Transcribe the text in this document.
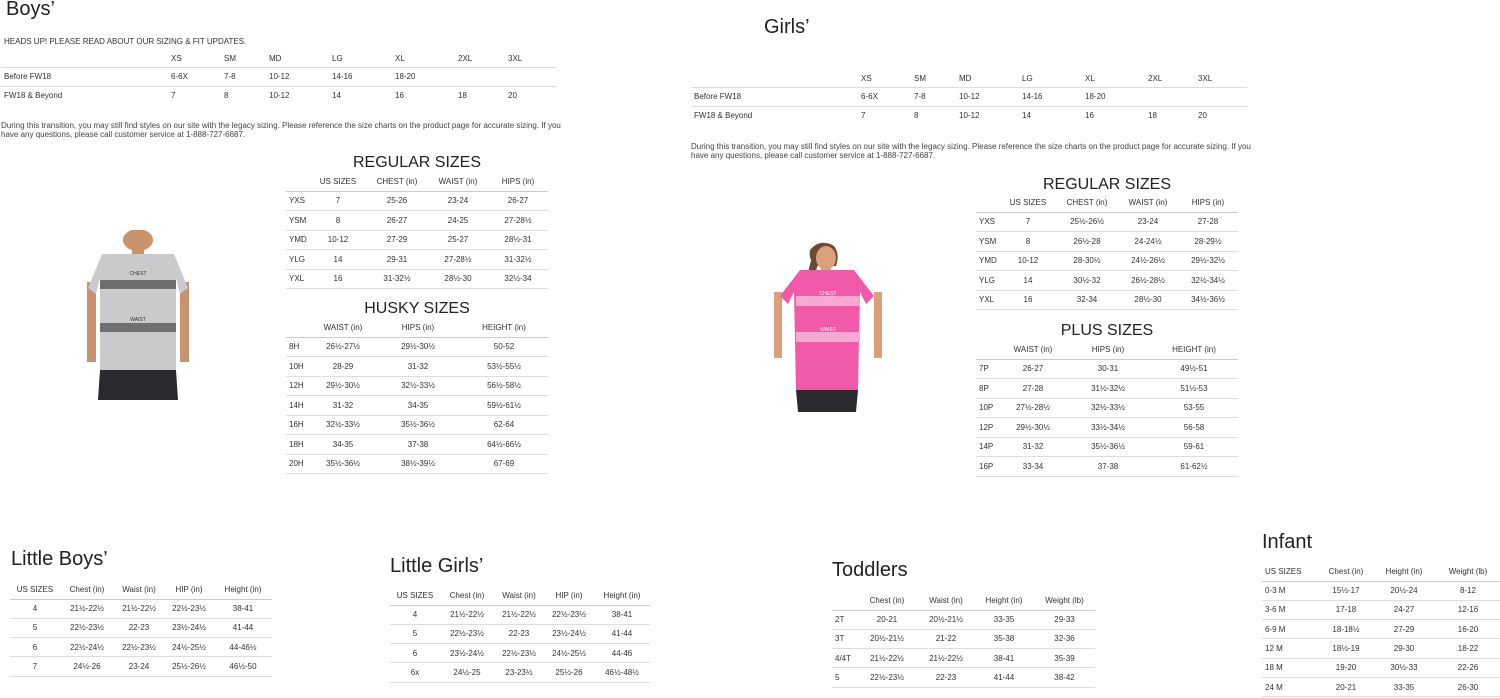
Boys’
HEADS UP! PLEASE READ ABOUT OUR SIZING & FIT UPDATES.
	XS	SM	MD	LG	XL	2XL	3XL
Before FW18	6-6X	7-8	10-12	14-16	18-20		
FW18 & Beyond	7	8	10-12	14	16	18	20
During this transition, you may still find styles on our site with the legacy sizing. Please reference the size charts on the product page for accurate sizing. If you have any questions, please call customer service at 1-888-727-6687.
CHEST
WAIST
REGULAR SIZES
	US SIZES	CHEST (in)	WAIST (in)	HIPS (in)
YXS	7	25-26	23-24	26-27
YSM	8	26-27	24-25	27-28½
YMD	10-12	27-29	25-27	28½-31
YLG	14	29-31	27-28½	31-32½
YXL	16	31-32½	28½-30	32½-34
HUSKY SIZES
	WAIST (in)	HIPS (in)	HEIGHT (in)
8H	26½-27½	29½-30½	50-52
10H	28-29	31-32	53½-55½
12H	29½-30½	32½-33½	56½-58½
14H	31-32	34-35	59½-61½
16H	32½-33½	35½-36½	62-64
18H	34-35	37-38	64½-66½
20H	35½-36½	38½-39½	67-69
Girls’
	XS	SM	MD	LG	XL	2XL	3XL
Before FW18	6-6X	7-8	10-12	14-16	18-20		
FW18 & Beyond	7	8	10-12	14	16	18	20
During this transition, you may still find styles on our site with the legacy sizing. Please reference the size charts on the product page for accurate sizing. If you have any questions, please call customer service at 1-888-727-6687.
CHEST
WAIST
REGULAR SIZES
	US SIZES	CHEST (in)	WAIST (in)	HIPS (in)
YXS	7	25½-26½	23-24	27-28
YSM	8	26½-28	24-24½	28-29½
YMD	10-12	28-30½	24½-26½	29½-32½
YLG	14	30½-32	26½-28½	32½-34½
YXL	16	32-34	28½-30	34½-36½
PLUS SIZES
	WAIST (in)	HIPS (in)	HEIGHT (in)
7P	26-27	30-31	49½-51
8P	27-28	31½-32½	51½-53
10P	27½-28½	32½-33½	53-55
12P	29½-30½	33½-34½	56-58
14P	31-32	35½-36½	59-61
16P	33-34	37-38	61-62½
Little Boys’
US SIZES	Chest (in)	Waist (in)	HIP (in)	Height (in)
4	21½-22½	21½-22½	22½-23½	38-41
5	22½-23½	22-23	23½-24½	41-44
6	22½-24½	22½-23½	24½-25½	44-46½
7	24½-26	23-24	25½-26½	46½-50
Little Girls’
US SIZES	Chest (in)	Waist (in)	HIP (in)	Height (in)
4	21½-22½	21½-22½	22½-23½	38-41
5	22½-23½	22-23	23½-24½	41-44
6	23½-24½	22½-23½	24½-25½	44-46
6x	24½-25	23-23½	25½-26	46½-48½
Toddlers
	Chest (in)	Waist (in)	Height (in)	Weight (lb)
2T	20-21	20½-21½	33-35	29-33
3T	20½-21½	21-22	35-38	32-36
4/4T	21½-22½	21½-22½	38-41	35-39
5	22½-23½	22-23	41-44	38-42
Infant
US SIZES	Chest (in)	Height (in)	Weight (lb)
0-3 M	15½-17	20½-24	8-12
3-6 M	17-18	24-27	12-16
6-9 M	18-18½	27-29	16-20
12 M	18½-19	29-30	18-22
18 M	19-20	30½-33	22-26
24 M	20-21	33-35	26-30
